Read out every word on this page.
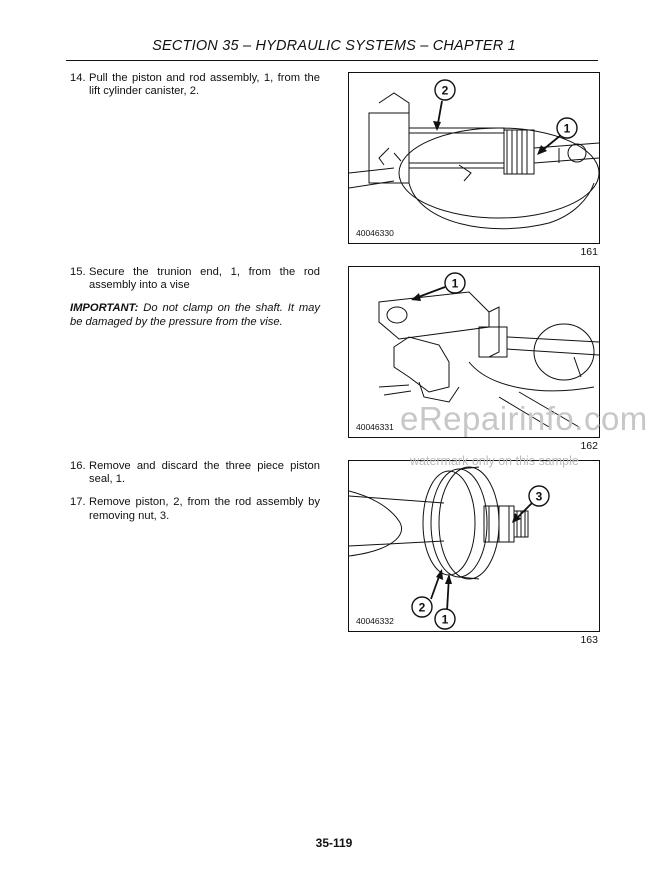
SECTION 35 – HYDRAULIC SYSTEMS – CHAPTER 1
14. Pull the piston and rod assembly, 1, from the lift cylinder canister, 2.
15. Secure the trunion end, 1, from the rod assembly into a vise
IMPORTANT: Do not clamp on the shaft. It may be damaged by the pressure from the vise.
16. Remove and discard the three piece piston seal, 1.
17. Remove piston, 2, from the rod assembly by removing nut, 3.
2
1
40046330
161
1
40046331
162
3
2
1
40046332
163
eRepairinfo.com
watermark only on this sample
35-119
